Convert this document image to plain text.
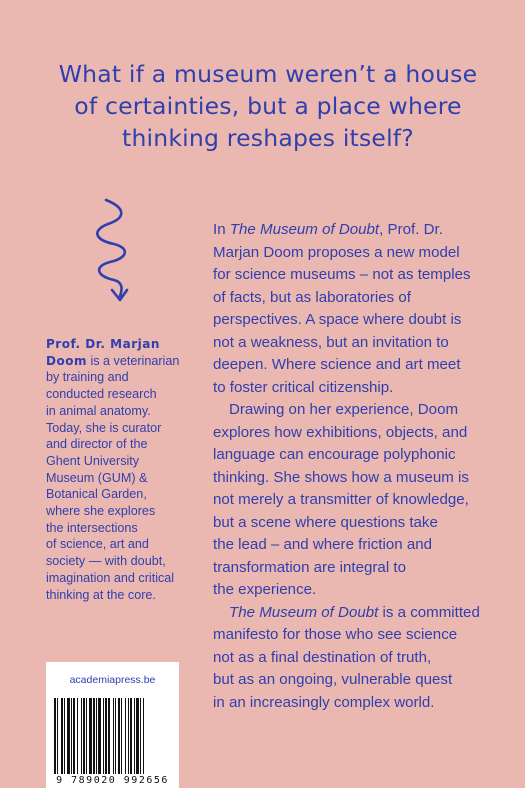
What if a museum weren’t a house
of certainties, but a place where
thinking reshapes itself?
Prof. Dr. Marjan
Doom is a veterinarian
by training and
conducted research
in animal anatomy.
Today, she is curator
and director of the
Ghent University
Museum (GUM) &
Botanical Garden,
where she explores
the intersections
of science, art and
society — with doubt,
imagination and critical
thinking at the core.
In The Museum of Doubt, Prof. Dr.
Marjan Doom proposes a new model
for science museums – not as temples
of facts, but as laboratories of
perspectives. A space where doubt is
not a weakness, but an invitation to
deepen. Where science and art meet
to foster critical citizenship.
Drawing on her experience, Doom
explores how exhibitions, objects, and
language can encourage polyphonic
thinking. She shows how a museum is
not merely a transmitter of knowledge,
but a scene where questions take
the lead – and where friction and
transformation are integral to
the experience.
The Museum of Doubt is a committed
manifesto for those who see science
not as a final destination of truth,
but as an ongoing, vulnerable quest
in an increasingly complex world.
academiapress.be
9 789020 992656
